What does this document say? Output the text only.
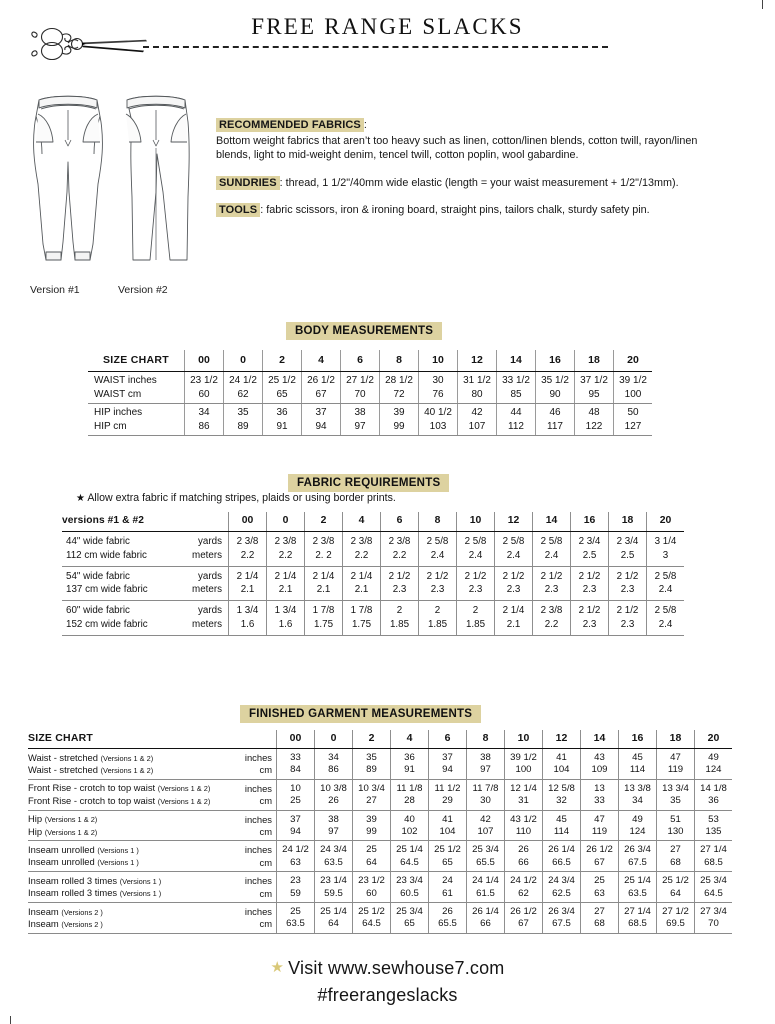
FREE RANGE SLACKS
Version #1	Version #2

RECOMMENDED FABRICS :

Bottom weight fabrics that aren’t too heavy such as linen, cotton/linen blends, cotton twill, rayon/linen blends, light to mid-weight denim, tencel twill, cotton poplin, wool gabardine.

SUNDRIES : thread, 1 1/2"/40mm wide elastic (length = your waist measurement + 1/2"/13mm).

TOOLS : fabric scissors, iron & ironing board, straight pins, tailors chalk, sturdy safety pin.

BODY MEASUREMENTS
SIZE CHART	00	0	2	4	6	8	10	12	14	16	18	20
WAIST inches	23 1/2	24 1/2	25 1/2	26 1/2	27 1/2	28 1/2	30	31 1/2	33 1/2	35 1/2	37 1/2	39 1/2
WAIST cm	60	62	65	67	70	72	76	80	85	90	95	100
HIP inches	34	35	36	37	38	39	40 1/2	42	44	46	48	50
HIP cm	86	89	91	94	97	99	103	107	112	117	122	127
FABRIC REQUIREMENTS
★ Allow extra fabric if matching stripes, plaids or using border prints.
versions #1 & #2		00	0	2	4	6	8	10	12	14	16	18	20
44" wide fabric	yards	2 3/8	2 3/8	2 3/8	2 3/8	2 3/8	2 5/8	2 5/8	2 5/8	2 5/8	2 3/4	2 3/4	3 1/4
112 cm wide fabric	meters	2.2	2.2	2. 2	2.2	2.2	2.4	2.4	2.4	2.4	2.5	2.5	3
54" wide fabric	yards	2 1/4	2 1/4	2 1/4	2 1/4	2 1/2	2 1/2	2 1/2	2 1/2	2 1/2	2 1/2	2 1/2	2 5/8
137 cm wide fabric	meters	2.1	2.1	2.1	2.1	2.3	2.3	2.3	2.3	2.3	2.3	2.3	2.4
60" wide fabric	yards	1 3/4	1 3/4	1 7/8	1 7/8	2	2	2	2 1/4	2 3/8	2 1/2	2 1/2	2 5/8
152 cm wide fabric	meters	1.6	1.6	1.75	1.75	1.85	1.85	1.85	2.1	2.2	2.3	2.3	2.4
FINISHED GARMENT MEASUREMENTS
SIZE CHART		00	0	2	4	6	8	10	12	14	16	18	20
Waist - stretched (Versions 1 & 2)	inches	33	34	35	36	37	38	39 1/2	41	43	45	47	49
Waist - stretched (Versions 1 & 2)	cm	84	86	89	91	94	97	100	104	109	114	119	124
Front Rise - crotch to top waist (Versions 1 & 2)	inches	10	10 3/8	10 3/4	11 1/8	11 1/2	11 7/8	12 1/4	12 5/8	13	13 3/8	13 3/4	14 1/8
Front Rise - crotch to top waist (Versions 1 & 2)	cm	25	26	27	28	29	30	31	32	33	34	35	36
Hip (Versions 1 & 2)	inches	37	38	39	40	41	42	43 1/2	45	47	49	51	53
Hip (Versions 1 & 2)	cm	94	97	99	102	104	107	110	114	119	124	130	135
Inseam unrolled (Versions 1 )	inches	24 1/2	24 3/4	25	25 1/4	25 1/2	25 3/4	26	26 1/4	26 1/2	26 3/4	27	27 1/4
Inseam unrolled (Versions 1 )	cm	63	63.5	64	64.5	65	65.5	66	66.5	67	67.5	68	68.5
Inseam rolled 3 times (Versions 1 )	inches	23	23 1/4	23 1/2	23 3/4	24	24 1/4	24 1/2	24 3/4	25	25 1/4	25 1/2	25 3/4
Inseam rolled 3 times (Versions 1 )	cm	59	59.5	60	60.5	61	61.5	62	62.5	63	63.5	64	64.5
Inseam (Versions 2 )	inches	25	25 1/4	25 1/2	25 3/4	26	26 1/4	26 1/2	26 3/4	27	27 1/4	27 1/2	27 3/4
Inseam (Versions 2 )	cm	63.5	64	64.5	65	65.5	66	67	67.5	68	68.5	69.5	70
★ Visit www.sewhouse7.com
#freerangeslacks
